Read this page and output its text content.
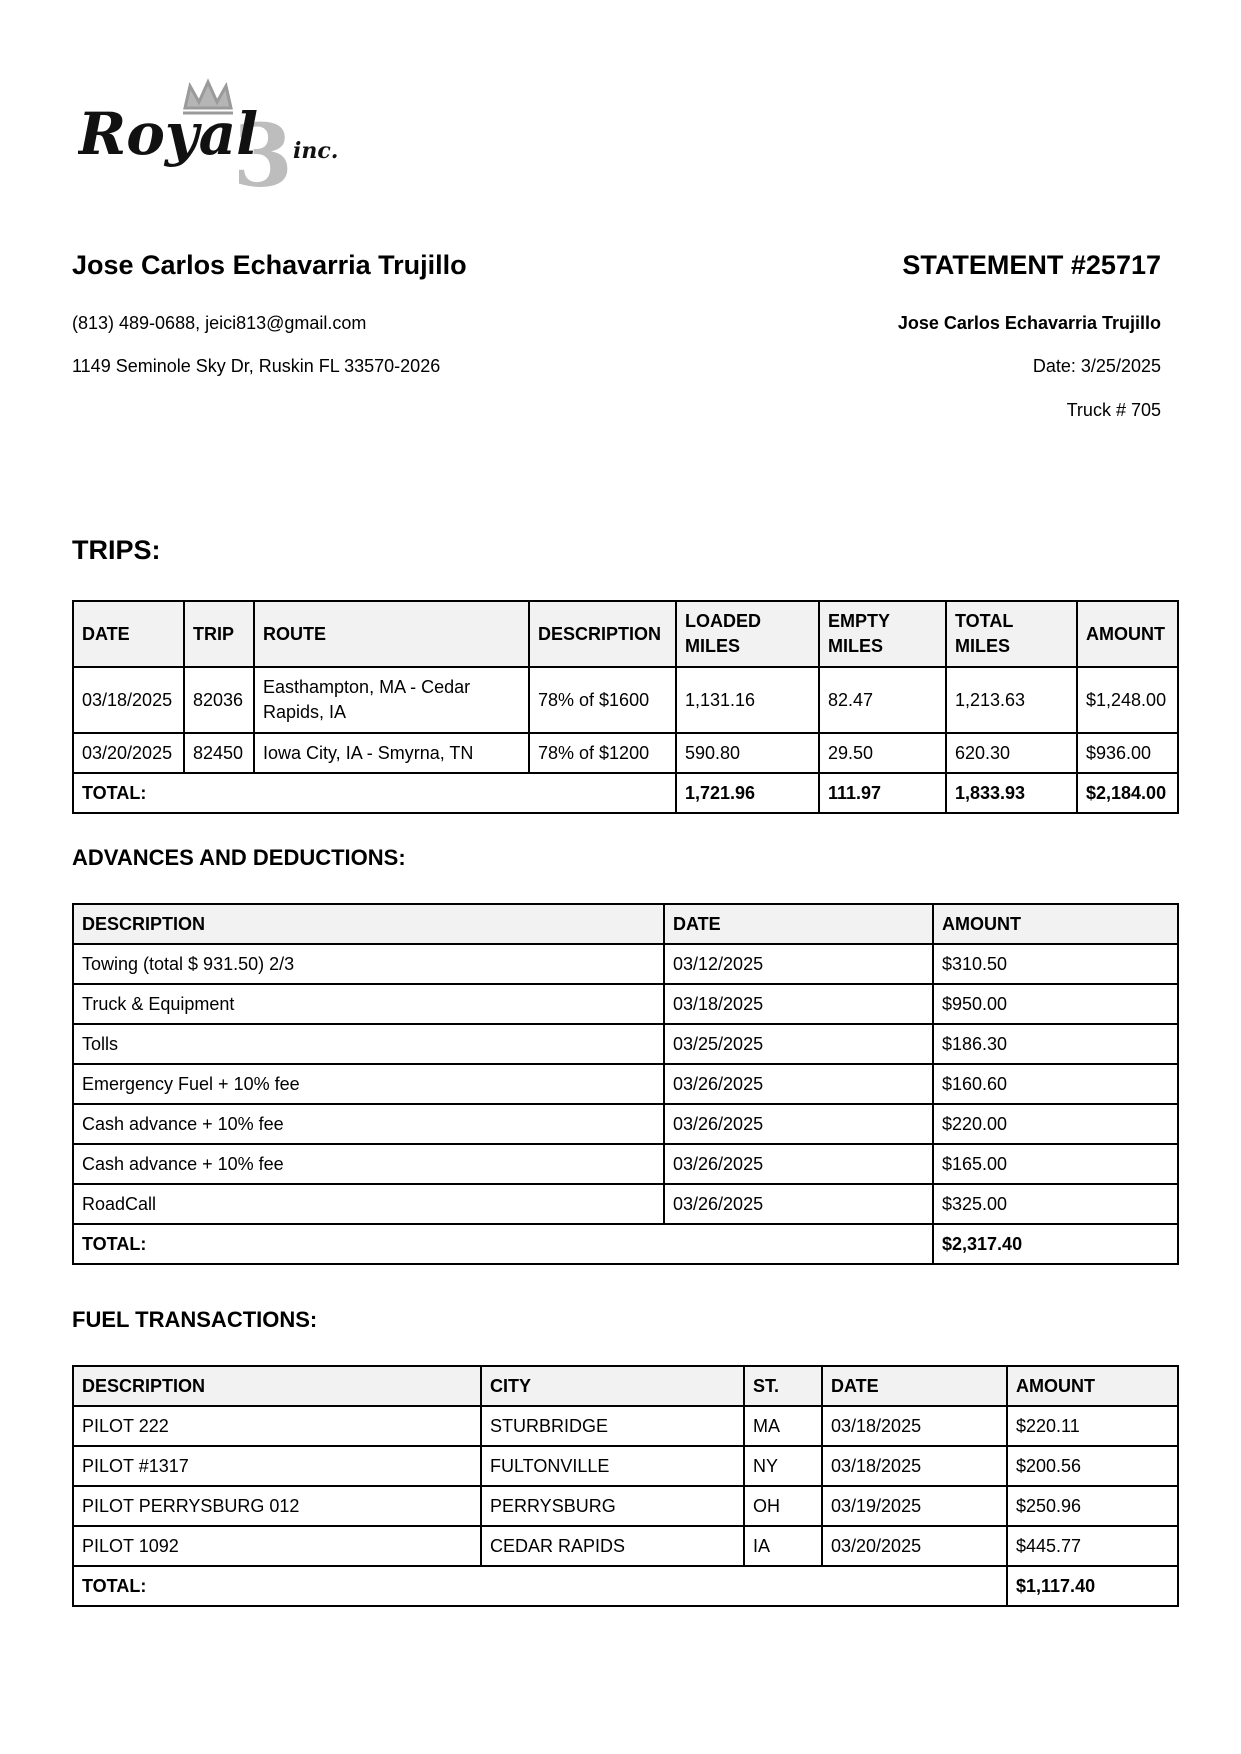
3
Royal inc.
Jose Carlos Echavarria Trujillo
(813) 489-0688, jeici813@gmail.com
1149 Seminole Sky Dr, Ruskin FL 33570-2026
STATEMENT #25717
Jose Carlos Echavarria Trujillo
Date: 3/25/2025
Truck # 705
TRIPS:
DATE	TRIP	ROUTE	DESCRIPTION	LOADED MILES	EMPTY MILES	TOTAL MILES	AMOUNT
03/18/2025	82036	Easthampton, MA - Cedar Rapids, IA	78% of $1600	1,131.16	82.47	1,213.63	$1,248.00
03/20/2025	82450	Iowa City, IA - Smyrna, TN	78% of $1200	590.80	29.50	620.30	$936.00
TOTAL:				1,721.96	111.97	1,833.93	$2,184.00
ADVANCES AND DEDUCTIONS:
DESCRIPTION	DATE	AMOUNT
Towing (total $ 931.50) 2/3	03/12/2025	$310.50
Truck & Equipment	03/18/2025	$950.00
Tolls	03/25/2025	$186.30
Emergency Fuel + 10% fee	03/26/2025	$160.60
Cash advance + 10% fee	03/26/2025	$220.00
Cash advance + 10% fee	03/26/2025	$165.00
RoadCall	03/26/2025	$325.00
TOTAL:		$2,317.40
FUEL TRANSACTIONS:
DESCRIPTION	CITY	ST.	DATE	AMOUNT
PILOT 222	STURBRIDGE	MA	03/18/2025	$220.11
PILOT #1317	FULTONVILLE	NY	03/18/2025	$200.56
PILOT PERRYSBURG 012	PERRYSBURG	OH	03/19/2025	$250.96
PILOT 1092	CEDAR RAPIDS	IA	03/20/2025	$445.77
TOTAL:				$1,117.40
